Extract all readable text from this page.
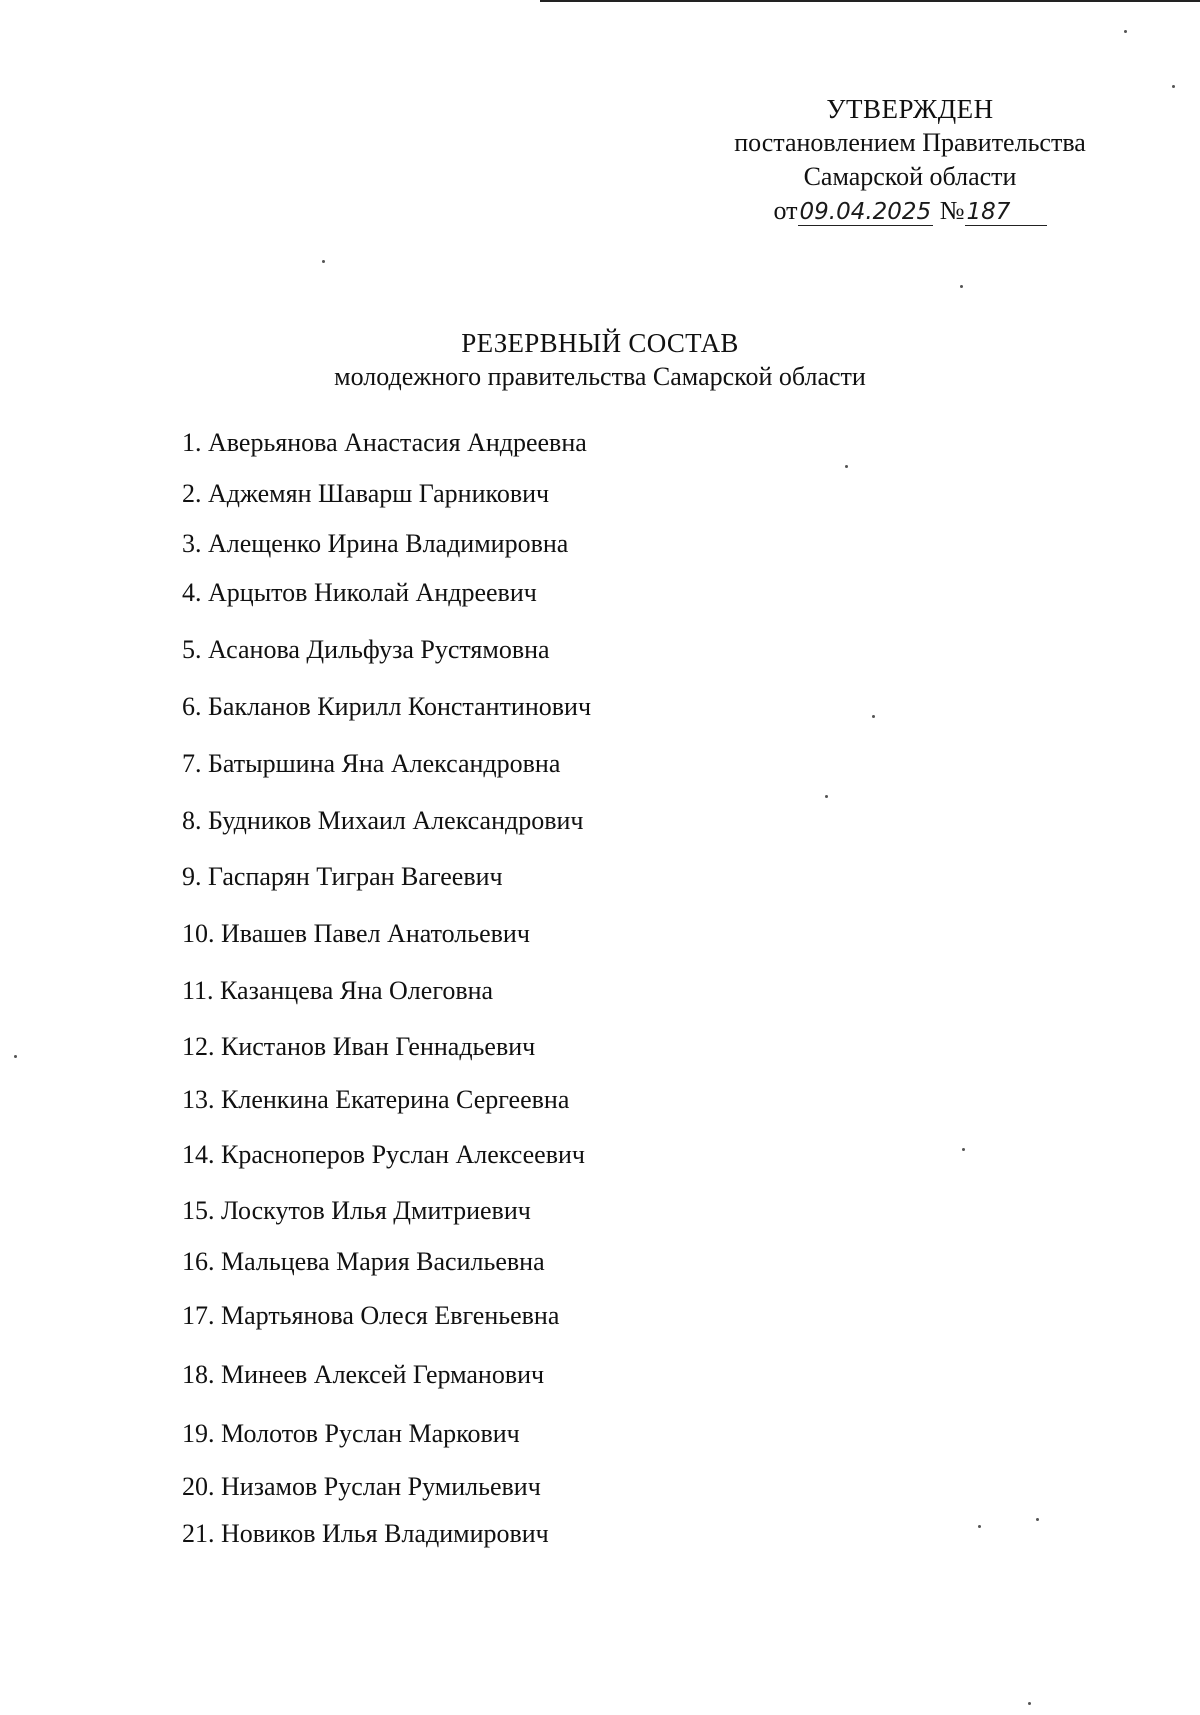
УТВЕРЖДЕН
постановлением Правительства
Самарской области
от09.04.2025 №187
РЕЗЕРВНЫЙ СОСТАВ
молодежного правительства Самарской области
1. Аверьянова Анастасия Андреевна
2. Аджемян Шаварш Гарникович
3. Алещенко Ирина Владимировна
4. Арцытов Николай Андреевич
5. Асанова Дильфуза Рустямовна
6. Бакланов Кирилл Константинович
7. Батыршина Яна Александровна
8. Будников Михаил Александрович
9. Гаспарян Тигран Вагеевич
10. Ивашев Павел Анатольевич
11. Казанцева Яна Олеговна
12. Кистанов Иван Геннадьевич
13. Кленкина Екатерина Сергеевна
14. Красноперов Руслан Алексеевич
15. Лоскутов Илья Дмитриевич
16. Мальцева Мария Васильевна
17. Мартьянова Олеся Евгеньевна
18. Минеев Алексей Германович
19. Молотов Руслан Маркович
20. Низамов Руслан Румильевич
21. Новиков Илья Владимирович
